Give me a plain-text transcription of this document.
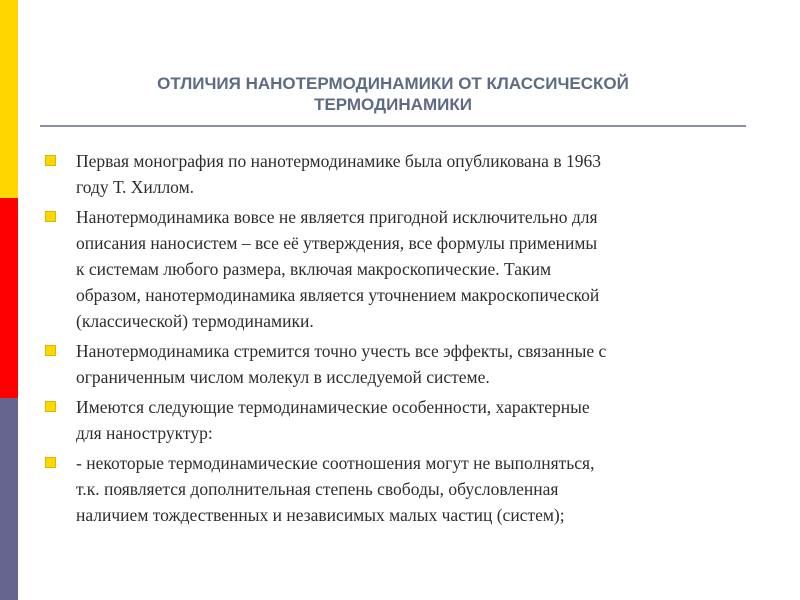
ОТЛИЧИЯ НАНОТЕРМОДИНАМИКИ ОТ КЛАССИЧЕСКОЙ
ТЕРМОДИНАМИКИ
Первая монография по нанотермодинамике была опубликована в 1963
году Т. Хиллом.
Нанотермодинамика вовсе не является пригодной исключительно для
описания наносистем – все её утверждения, все формулы применимы
к системам любого размера, включая макроскопические. Таким
образом, нанотермодинамика является уточнением макроскопической
(классической) термодинамики.
Нанотермодинамика стремится точно учесть все эффекты, связанные с
ограниченным числом молекул в исследуемой системе.
Имеются следующие термодинамические особенности, характерные
для наноструктур:
- некоторые термодинамические соотношения могут не выполняться,
т.к. появляется дополнительная степень свободы, обусловленная
наличием тождественных и независимых малых частиц (систем);
